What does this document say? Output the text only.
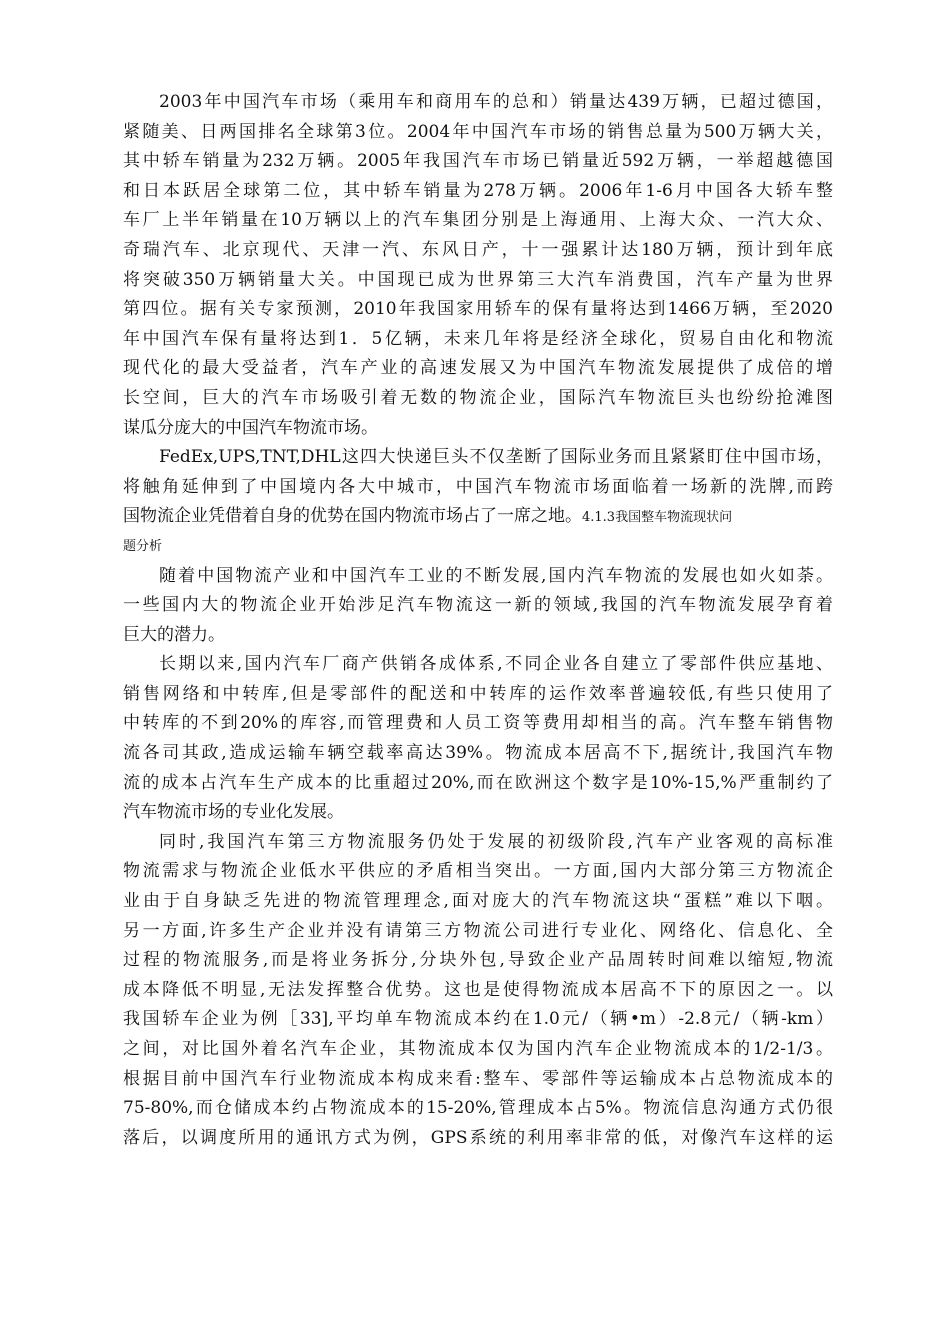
2003年中国汽车市场（乘用车和商用车的总和）销量达439万辆，已超过德国，
紧随美、日两国排名全球第3位。2004年中国汽车市场的销售总量为500万辆大关，
其中轿车销量为232万辆。2005年我国汽车市场已销量近592万辆，一举超越德国
和日本跃居全球第二位，其中轿车销量为278万辆。2006年1-6月中国各大轿车整
车厂上半年销量在10万辆以上的汽车集团分别是上海通用、上海大众、一汽大众、
奇瑞汽车、北京现代、天津一汽、东风日产，十一强累计达180万辆，预计到年底
将突破350万辆销量大关。中国现已成为世界第三大汽车消费国，汽车产量为世界
第四位。据有关专家预测，2010年我国家用轿车的保有量将达到1466万辆，至2020
年中国汽车保有量将达到1．5亿辆，未来几年将是经济全球化，贸易自由化和物流
现代化的最大受益者，汽车产业的高速发展又为中国汽车物流发展提供了成倍的增
长空间，巨大的汽车市场吸引着无数的物流企业，国际汽车物流巨头也纷纷抢滩图
谋瓜分庞大的中国汽车物流市场。
FedEx,UPS,TNT,DHL这四大快递巨头不仅垄断了国际业务而且紧紧盯住中国市场，
将触角延伸到了中国境内各大中城市，中国汽车物流市场面临着一场新的洗牌,而跨
国物流企业凭借着自身的优势在国内物流市场占了一席之地。4.1.3我国整车物流现状问
题分析
随着中国物流产业和中国汽车工业的不断发展,国内汽车物流的发展也如火如荼。
一些国内大的物流企业开始涉足汽车物流这一新的领域,我国的汽车物流发展孕育着
巨大的潜力。
长期以来,国内汽车厂商产供销各成体系,不同企业各自建立了零部件供应基地、
销售网络和中转库,但是零部件的配送和中转库的运作效率普遍较低,有些只使用了
中转库的不到20%的库容,而管理费和人员工资等费用却相当的高。汽车整车销售物
流各司其政,造成运输车辆空载率高达39%。物流成本居高不下,据统计,我国汽车物
流的成本占汽车生产成本的比重超过20%,而在欧洲这个数字是10%-15,%严重制约了
汽车物流市场的专业化发展。
同时,我国汽车第三方物流服务仍处于发展的初级阶段,汽车产业客观的高标准
物流需求与物流企业低水平供应的矛盾相当突出。一方面,国内大部分第三方物流企
业由于自身缺乏先进的物流管理理念,面对庞大的汽车物流这块“蛋糕”难以下咽。
另一方面,许多生产企业并没有请第三方物流公司进行专业化、网络化、信息化、全
过程的物流服务,而是将业务拆分,分块外包,导致企业产品周转时间难以缩短,物流
成本降低不明显,无法发挥整合优势。这也是使得物流成本居高不下的原因之一。以
我国轿车企业为例［33],平均单车物流成本约在1.0元/（辆•m）-2.8元/（辆-km）
之间，对比国外着名汽车企业，其物流成本仅为国内汽车企业物流成本的1/2-1/3。
根据目前中国汽车行业物流成本构成来看:整车、零部件等运输成本占总物流成本的
75-80%,而仓储成本约占物流成本的15-20%,管理成本占5%。物流信息沟通方式仍很
落后，以调度所用的通讯方式为例，GPS系统的利用率非常的低，对像汽车这样的运
